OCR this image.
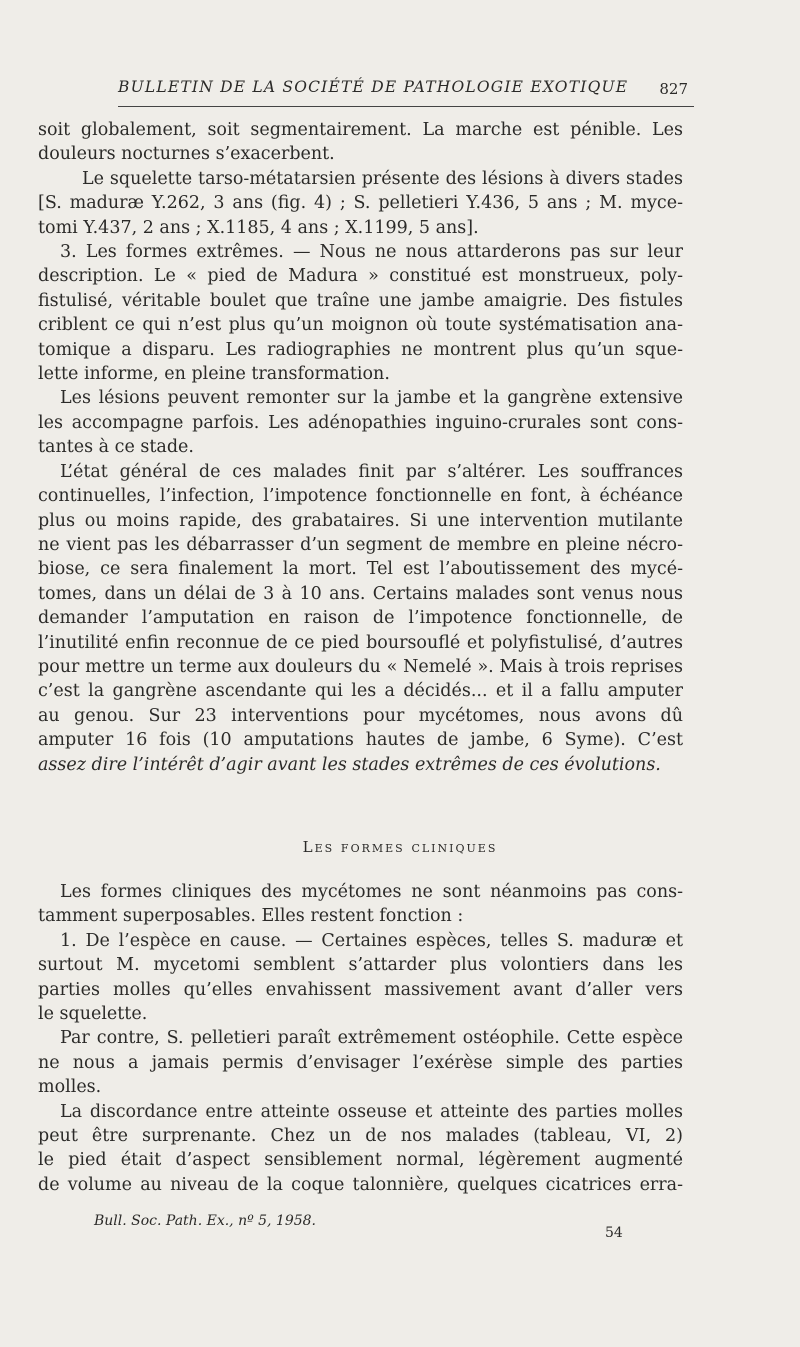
BULLETIN DE LA SOCIÉTÉ DE PATHOLOGIE EXOTIQUE 827

soit globalement, soit segmentairement. La marche est pénible. Les
douleurs nocturnes s’exacerbent.

Le squelette tarso-métatarsien présente des lésions à divers stades
[S. maduræ Y.262, 3 ans (fig. 4) ; S. pelletieri Y.436, 5 ans ; M. myce-
tomi Y.437, 2 ans ; X.1185, 4 ans ; X.1199, 5 ans].

3. Les formes extrêmes. — Nous ne nous attarderons pas sur leur
description. Le « pied de Madura » constitué est monstrueux, poly-
fistulisé, véritable boulet que traîne une jambe amaigrie. Des fistules
criblent ce qui n’est plus qu’un moignon où toute systématisation ana-
tomique a disparu. Les radiographies ne montrent plus qu’un sque-
lette informe, en pleine transformation.

Les lésions peuvent remonter sur la jambe et la gangrène extensive
les accompagne parfois. Les adénopathies inguino-crurales sont cons-
tantes à ce stade.

L’état général de ces malades finit par s’altérer. Les souffrances
continuelles, l’infection, l’impotence fonctionnelle en font, à échéance
plus ou moins rapide, des grabataires. Si une intervention mutilante
ne vient pas les débarrasser d’un segment de membre en pleine nécro-
biose, ce sera finalement la mort. Tel est l’aboutissement des mycé-
tomes, dans un délai de 3 à 10 ans. Certains malades sont venus nous
demander l’amputation en raison de l’impotence fonctionnelle, de
l’inutilité enfin reconnue de ce pied boursouflé et polyfistulisé, d’autres
pour mettre un terme aux douleurs du « Nemelé ». Mais à trois reprises
c’est la gangrène ascendante qui les a décidés... et il a fallu amputer
au genou. Sur 23 interventions pour mycétomes, nous avons dû
amputer 16 fois (10 amputations hautes de jambe, 6 Syme). C’est
assez dire l’intérêt d’agir avant les stades extrêmes de ces évolutions.

Les formes cliniques

Les formes cliniques des mycétomes ne sont néanmoins pas cons-
tamment superposables. Elles restent fonction :

1. De l’espèce en cause. — Certaines espèces, telles S. maduræ et
surtout M. mycetomi semblent s’attarder plus volontiers dans les
parties molles qu’elles envahissent massivement avant d’aller vers
le squelette.

Par contre, S. pelletieri paraît extrêmement ostéophile. Cette espèce
ne nous a jamais permis d’envisager l’exérèse simple des parties
molles.

La discordance entre atteinte osseuse et atteinte des parties molles
peut être surprenante. Chez un de nos malades (tableau, VI, 2)
le pied était d’aspect sensiblement normal, légèrement augmenté
de volume au niveau de la coque talonnière, quelques cicatrices erra-

Bull. Soc. Path. Ex., nº 5, 1958.
54
